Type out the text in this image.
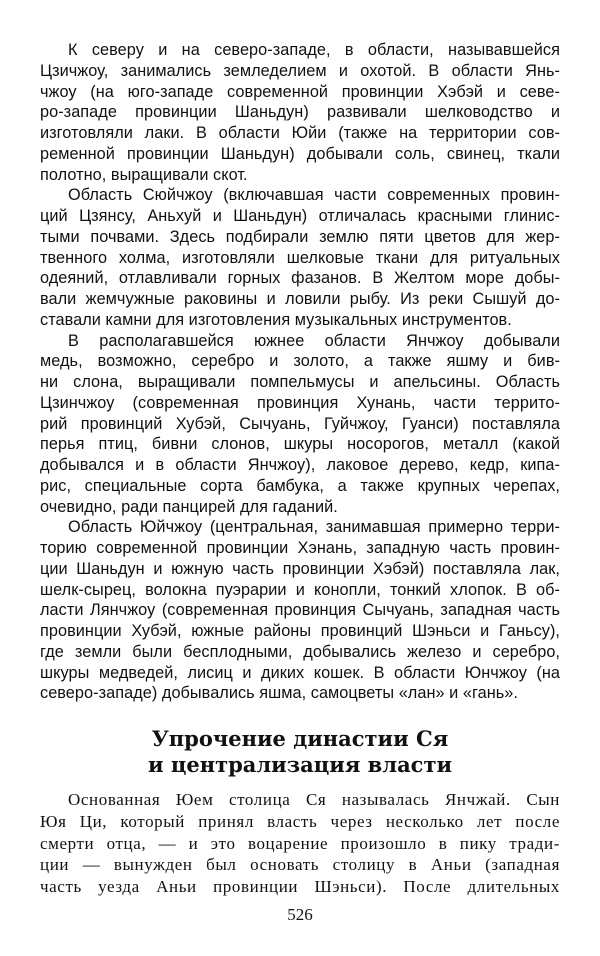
К северу и на северо-западе, в области, называвшейся
Цзичжоу, занимались земледелием и охотой. В области Янь-
чжоу (на юго-западе современной провинции Хэбэй и севе-
ро-западе провинции Шаньдун) развивали шелководство и
изготовляли лаки. В области Юйи (также на территории сов-
ременной провинции Шаньдун) добывали соль, свинец, ткали
полотно, выращивали скот.

Область Сюйчжоу (включавшая части современных провин-
ций Цзянсу, Аньхуй и Шаньдун) отличалась красными глинис-
тыми почвами. Здесь подбирали землю пяти цветов для жер-
твенного холма, изготовляли шелковые ткани для ритуальных
одеяний, отлавливали горных фазанов. В Желтом море добы-
вали жемчужные раковины и ловили рыбу. Из реки Сышуй до-
ставали камни для изготовления музыкальных инструментов.

В располагавшейся южнее области Янчжоу добывали
медь, возможно, серебро и золото, а также яшму и бив-
ни слона, выращивали помпельмусы и апельсины. Область
Цзинчжоу (современная провинция Хунань, части террито-
рий провинций Хубэй, Сычуань, Гуйчжоу, Гуанси) поставляла
перья птиц, бивни слонов, шкуры носорогов, металл (какой
добывался и в области Янчжоу), лаковое дерево, кедр, кипа-
рис, специальные сорта бамбука, а также крупных черепах,
очевидно, ради панцирей для гаданий.

Область Юйчжоу (центральная, занимавшая примерно терри-
торию современной провинции Хэнань, западную часть провин-
ции Шаньдун и южную часть провинции Хэбэй) поставляла лак,
шелк-сырец, волокна пуэрарии и конопли, тонкий хлопок. В об-
ласти Лянчжоу (современная провинция Сычуань, западная часть
провинции Хубэй, южные районы провинций Шэньси и Ганьсу),
где земли были бесплодными, добывались железо и серебро,
шкуры медведей, лисиц и диких кошек. В области Юнчжоу (на
северо-западе) добывались яшма, самоцветы «лан» и «гань».

Упрочение династии Ся
и централизация власти

Основанная Юем столица Ся называлась Янчжай. Сын
Юя Ци, который принял власть через несколько лет после
смерти отца, — и это воцарение произошло в пику тради-
ции — вынужден был основать столицу в Аньи (западная
часть уезда Аньи провинции Шэньси). После длительных

526
